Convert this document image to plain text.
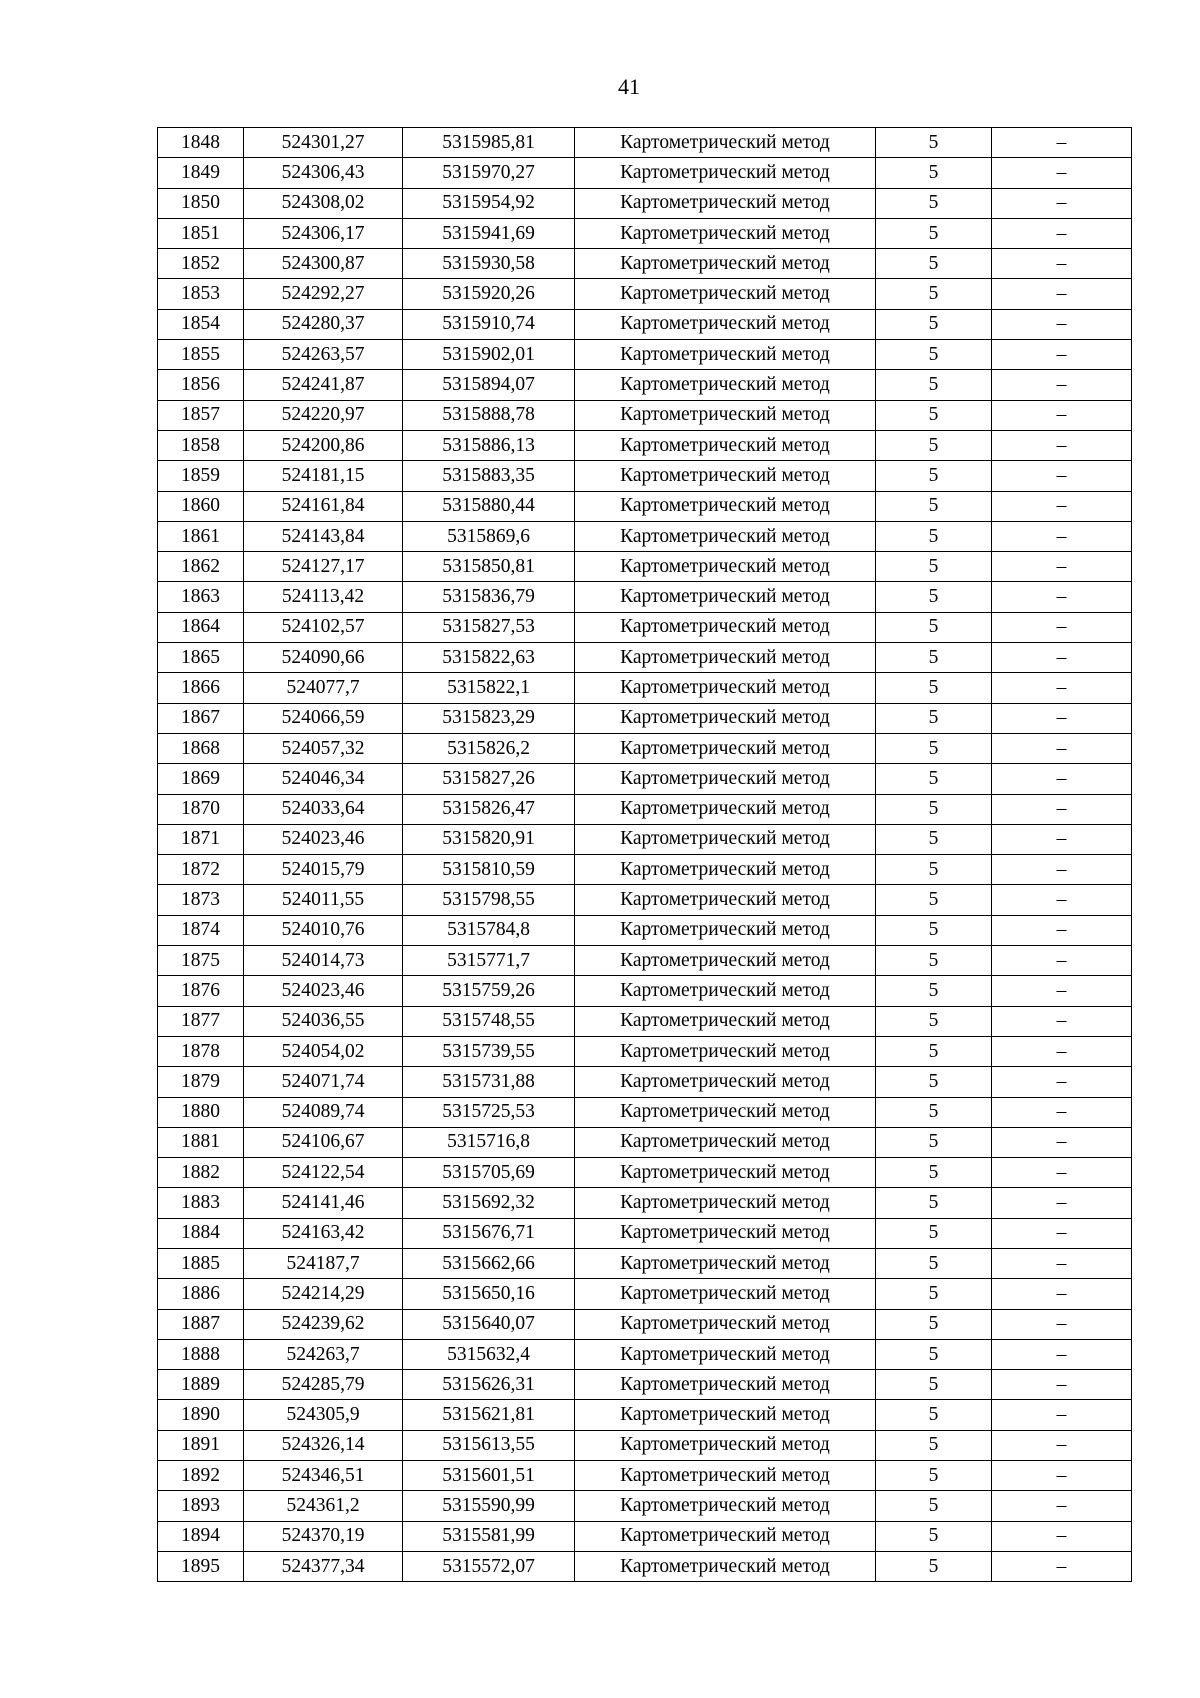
41
1848	524301,27	5315985,81	Картометрический метод	5	–
1849	524306,43	5315970,27	Картометрический метод	5	–
1850	524308,02	5315954,92	Картометрический метод	5	–
1851	524306,17	5315941,69	Картометрический метод	5	–
1852	524300,87	5315930,58	Картометрический метод	5	–
1853	524292,27	5315920,26	Картометрический метод	5	–
1854	524280,37	5315910,74	Картометрический метод	5	–
1855	524263,57	5315902,01	Картометрический метод	5	–
1856	524241,87	5315894,07	Картометрический метод	5	–
1857	524220,97	5315888,78	Картометрический метод	5	–
1858	524200,86	5315886,13	Картометрический метод	5	–
1859	524181,15	5315883,35	Картометрический метод	5	–
1860	524161,84	5315880,44	Картометрический метод	5	–
1861	524143,84	5315869,6	Картометрический метод	5	–
1862	524127,17	5315850,81	Картометрический метод	5	–
1863	524113,42	5315836,79	Картометрический метод	5	–
1864	524102,57	5315827,53	Картометрический метод	5	–
1865	524090,66	5315822,63	Картометрический метод	5	–
1866	524077,7	5315822,1	Картометрический метод	5	–
1867	524066,59	5315823,29	Картометрический метод	5	–
1868	524057,32	5315826,2	Картометрический метод	5	–
1869	524046,34	5315827,26	Картометрический метод	5	–
1870	524033,64	5315826,47	Картометрический метод	5	–
1871	524023,46	5315820,91	Картометрический метод	5	–
1872	524015,79	5315810,59	Картометрический метод	5	–
1873	524011,55	5315798,55	Картометрический метод	5	–
1874	524010,76	5315784,8	Картометрический метод	5	–
1875	524014,73	5315771,7	Картометрический метод	5	–
1876	524023,46	5315759,26	Картометрический метод	5	–
1877	524036,55	5315748,55	Картометрический метод	5	–
1878	524054,02	5315739,55	Картометрический метод	5	–
1879	524071,74	5315731,88	Картометрический метод	5	–
1880	524089,74	5315725,53	Картометрический метод	5	–
1881	524106,67	5315716,8	Картометрический метод	5	–
1882	524122,54	5315705,69	Картометрический метод	5	–
1883	524141,46	5315692,32	Картометрический метод	5	–
1884	524163,42	5315676,71	Картометрический метод	5	–
1885	524187,7	5315662,66	Картометрический метод	5	–
1886	524214,29	5315650,16	Картометрический метод	5	–
1887	524239,62	5315640,07	Картометрический метод	5	–
1888	524263,7	5315632,4	Картометрический метод	5	–
1889	524285,79	5315626,31	Картометрический метод	5	–
1890	524305,9	5315621,81	Картометрический метод	5	–
1891	524326,14	5315613,55	Картометрический метод	5	–
1892	524346,51	5315601,51	Картометрический метод	5	–
1893	524361,2	5315590,99	Картометрический метод	5	–
1894	524370,19	5315581,99	Картометрический метод	5	–
1895	524377,34	5315572,07	Картометрический метод	5	–
